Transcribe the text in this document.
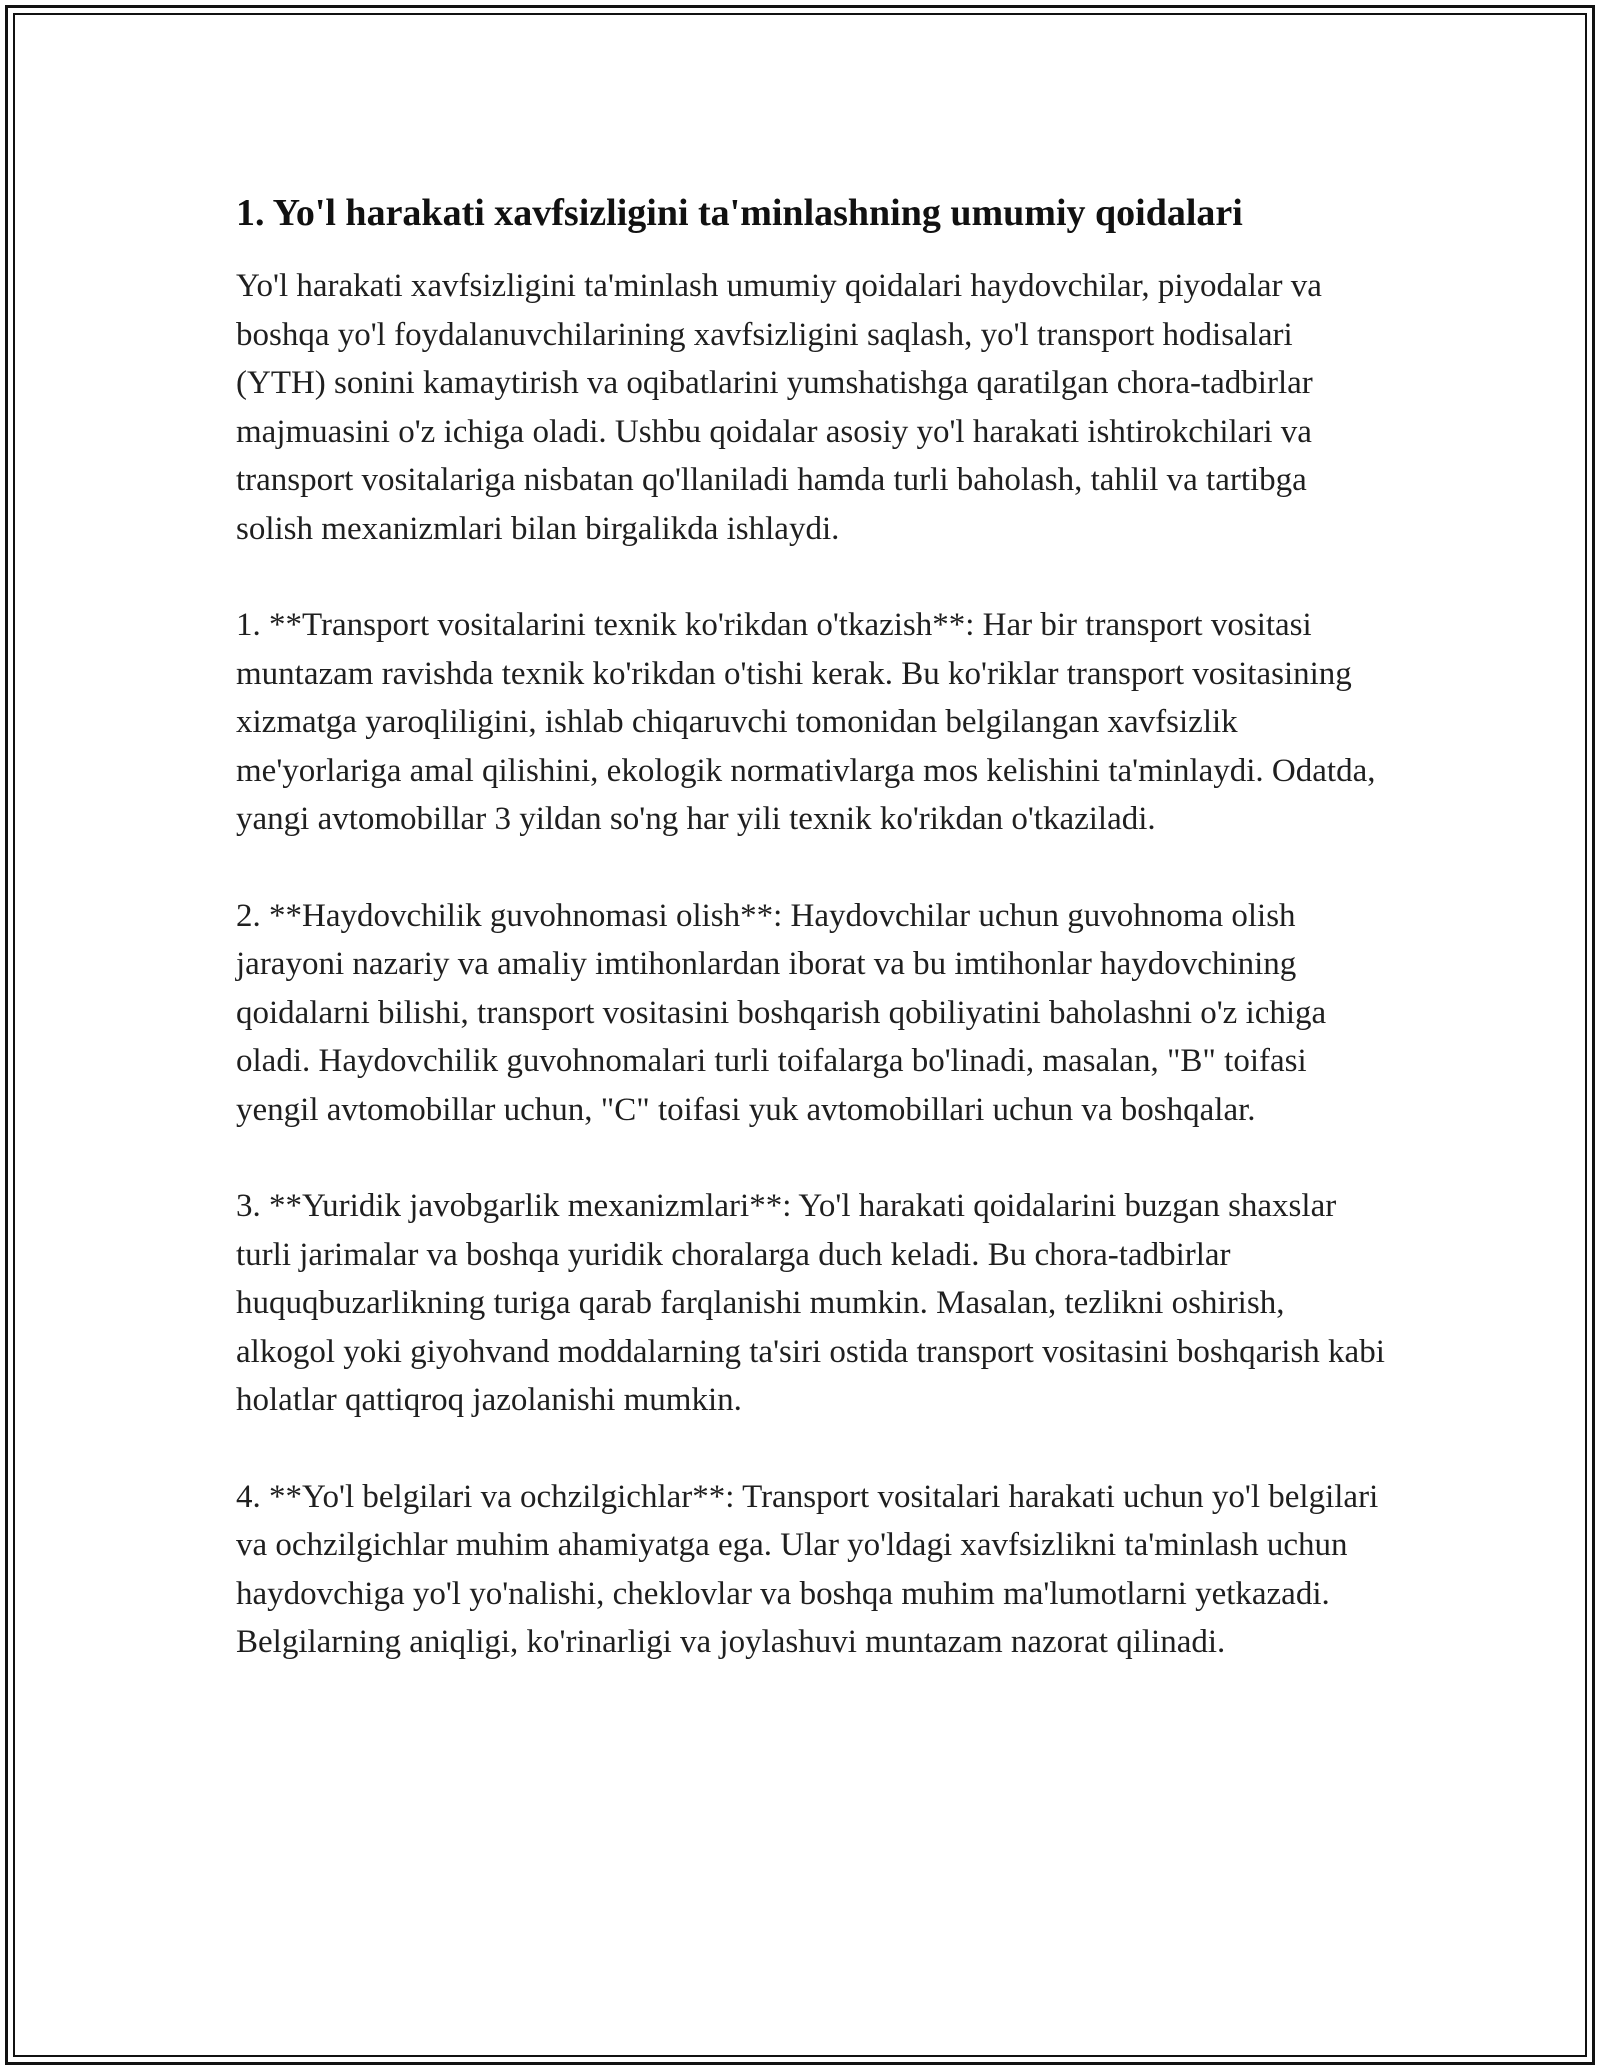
1. Yo'l harakati xavfsizligini ta'minlashning umumiy qoidalari

Yo'l harakati xavfsizligini ta'minlash umumiy qoidalari haydovchilar, piyodalar va boshqa yo'l foydalanuvchilarining xavfsizligini saqlash, yo'l transport hodisalari (YTH) sonini kamaytirish va oqibatlarini yumshatishga qaratilgan chora-tadbirlar majmuasini o'z ichiga oladi. Ushbu qoidalar asosiy yo'l harakati ishtirokchilari va transport vositalariga nisbatan qo'llaniladi hamda turli baholash, tahlil va tartibga solish mexanizmlari bilan birgalikda ishlaydi.

1. **Transport vositalarini texnik ko'rikdan o'tkazish**: Har bir transport vositasi muntazam ravishda texnik ko'rikdan o'tishi kerak. Bu ko'riklar transport vositasining xizmatga yaroqliligini, ishlab chiqaruvchi tomonidan belgilangan xavfsizlik me'yorlariga amal qilishini, ekologik normativlarga mos kelishini ta'minlaydi. Odatda, yangi avtomobillar 3 yildan so'ng har yili texnik ko'rikdan o'tkaziladi.

2. **Haydovchilik guvohnomasi olish**: Haydovchilar uchun guvohnoma olish jarayoni nazariy va amaliy imtihonlardan iborat va bu imtihonlar haydovchining qoidalarni bilishi, transport vositasini boshqarish qobiliyatini baholashni o'z ichiga oladi. Haydovchilik guvohnomalari turli toifalarga bo'linadi, masalan, "B" toifasi yengil avtomobillar uchun, "C" toifasi yuk avtomobillari uchun va boshqalar.

3. **Yuridik javobgarlik mexanizmlari**: Yo'l harakati qoidalarini buzgan shaxslar turli jarimalar va boshqa yuridik choralarga duch keladi. Bu chora-tadbirlar huquqbuzarlikning turiga qarab farqlanishi mumkin. Masalan, tezlikni oshirish, alkogol yoki giyohvand moddalarning ta'siri ostida transport vositasini boshqarish kabi holatlar qattiqroq jazolanishi mumkin.

4. **Yo'l belgilari va ochzilgichlar**: Transport vositalari harakati uchun yo'l belgilari va ochzilgichlar muhim ahamiyatga ega. Ular yo'ldagi xavfsizlikni ta'minlash uchun haydovchiga yo'l yo'nalishi, cheklovlar va boshqa muhim ma'lumotlarni yetkazadi. Belgilarning aniqligi, ko'rinarligi va joylashuvi muntazam nazorat qilinadi.
